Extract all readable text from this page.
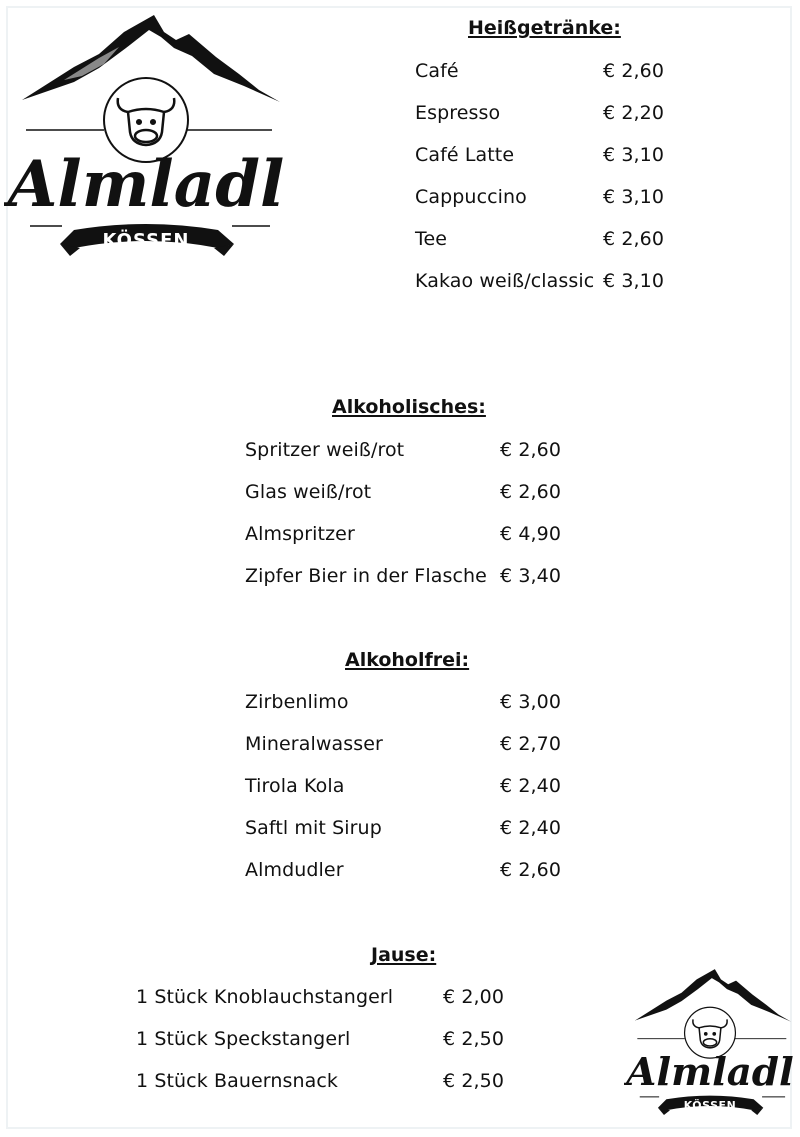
Almladl
KÖSSEN
Almladl
KÖSSEN
Heißgetränke:
Café	€ 2,60
Espresso	€ 2,20
Café Latte	€ 3,10
Cappuccino	€ 3,10
Tee	€ 2,60
Kakao weiß/classic € 3,10
Alkoholisches:
Spritzer weiß/rot	€ 2,60
Glas weiß/rot	€ 2,60
Almspritzer	€ 4,90
Zipfer Bier in der Flasche € 3,40
Alkoholfrei:
Zirbenlimo	€ 3,00
Mineralwasser	€ 2,70
Tirola Kola	€ 2,40
Saftl mit Sirup	€ 2,40
Almdudler	€ 2,60
Jause:
1 Stück Knoblauchstangerl	€ 2,00
1 Stück Speckstangerl	€ 2,50
1 Stück Bauernsnack	€ 2,50
